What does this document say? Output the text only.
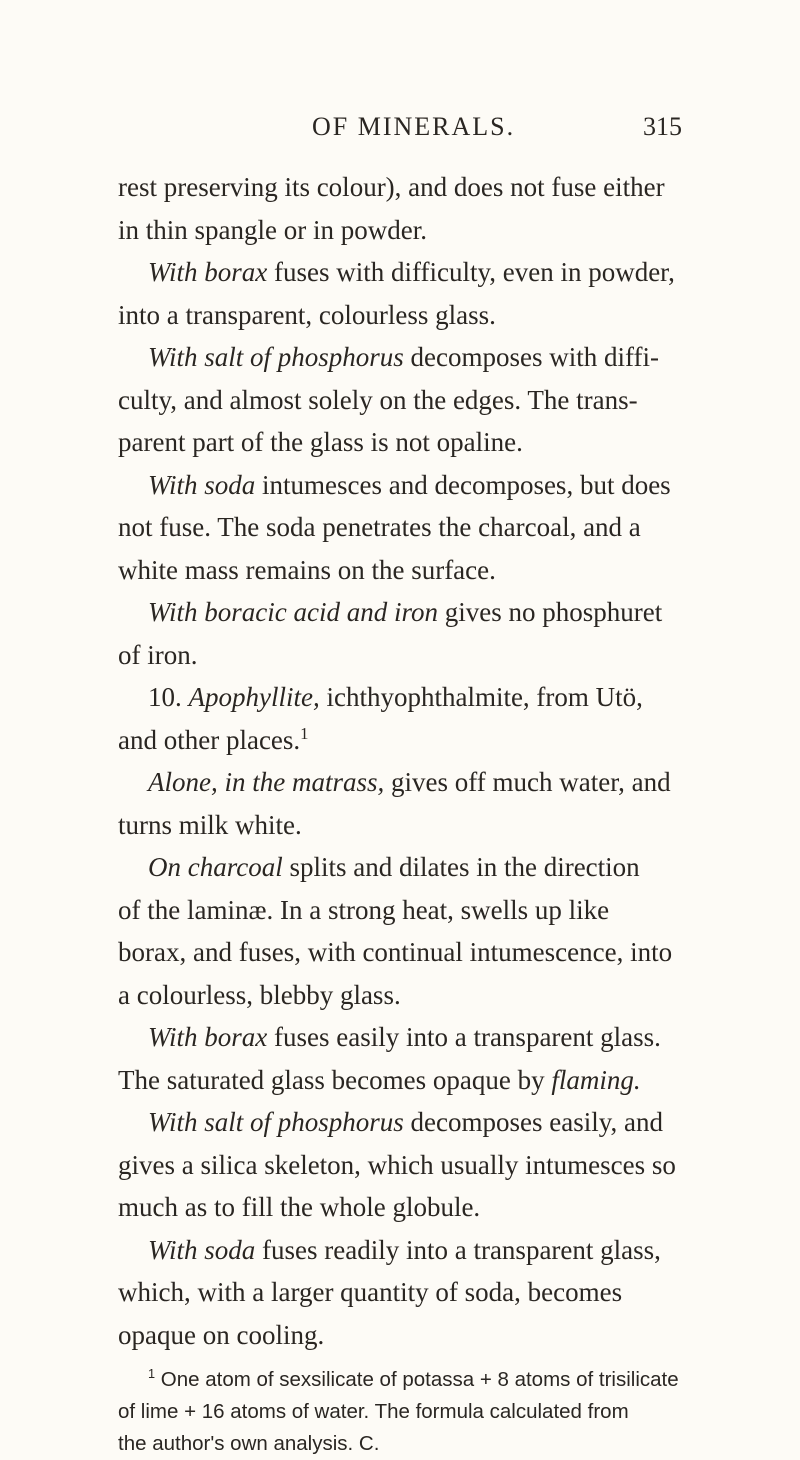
OF MINERALS.	315
rest preserving its colour), and does not fuse either
in thin spangle or in powder.
With borax fuses with difficulty, even in powder,
into a transparent, colourless glass.
With salt of phosphorus decomposes with diffi-
culty, and almost solely on the edges. The trans-
parent part of the glass is not opaline.
With soda intumesces and decomposes, but does
not fuse. The soda penetrates the charcoal, and a
white mass remains on the surface.
With boracic acid and iron gives no phosphuret
of iron.
10. Apophyllite, ichthyophthalmite, from Utö,
and other places.$^1$
Alone, in the matrass, gives off much water, and
turns milk white.
On charcoal splits and dilates in the direction
of the laminæ. In a strong heat, swells up like
borax, and fuses, with continual intumescence, into
a colourless, blebby glass.
With borax fuses easily into a transparent glass.
The saturated glass becomes opaque by flaming.
With salt of phosphorus decomposes easily, and
gives a silica skeleton, which usually intumesces so
much as to fill the whole globule.
With soda fuses readily into a transparent glass,
which, with a larger quantity of soda, becomes
opaque on cooling.
$^1$ One atom of sexsilicate of potassa + 8 atoms of trisilicate
of lime + 16 atoms of water. The formula calculated from
the author's own analysis. C.
